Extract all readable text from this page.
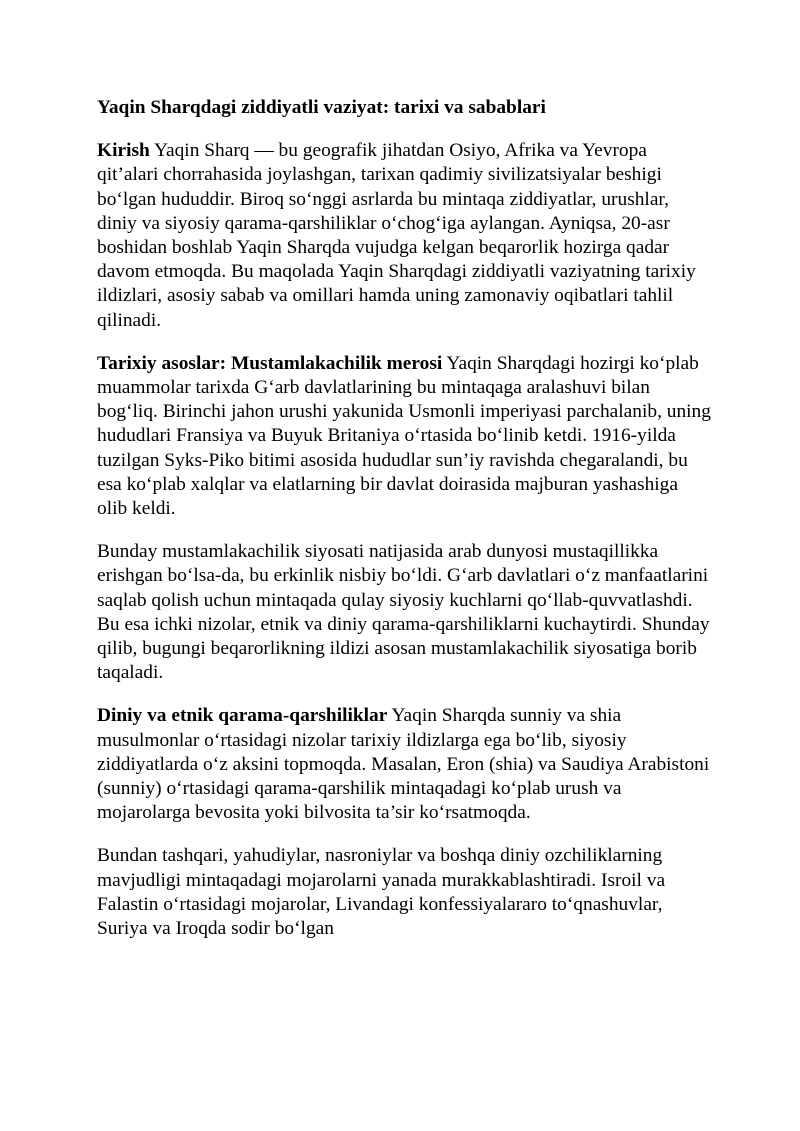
Yaqin Sharqdagi ziddiyatli vaziyat: tarixi va sabablari

Kirish Yaqin Sharq — bu geografik jihatdan Osiyo, Afrika va Yevropa qit’alari chorrahasida joylashgan, tarixan qadimiy sivilizatsiyalar beshigi bo‘lgan hududdir. Biroq so‘nggi asrlarda bu mintaqa ziddiyatlar, urushlar, diniy va siyosiy qarama-qarshiliklar o‘chog‘iga aylangan. Ayniqsa, 20-asr boshidan boshlab Yaqin Sharqda vujudga kelgan beqarorlik hozirga qadar davom etmoqda. Bu maqolada Yaqin Sharqdagi ziddiyatli vaziyatning tarixiy ildizlari, asosiy sabab va omillari hamda uning zamonaviy oqibatlari tahlil qilinadi.

Tarixiy asoslar: Mustamlakachilik merosi Yaqin Sharqdagi hozirgi ko‘plab muammolar tarixda G‘arb davlatlarining bu mintaqaga aralashuvi bilan bog‘liq. Birinchi jahon urushi yakunida Usmonli imperiyasi parchalanib, uning hududlari Fransiya va Buyuk Britaniya o‘rtasida bo‘linib ketdi. 1916-yilda tuzilgan Syks-Piko bitimi asosida hududlar sun’iy ravishda chegaralandi, bu esa ko‘plab xalqlar va elatlarning bir davlat doirasida majburan yashashiga olib keldi.

Bunday mustamlakachilik siyosati natijasida arab dunyosi mustaqillikka erishgan bo‘lsa-da, bu erkinlik nisbiy bo‘ldi. G‘arb davlatlari o‘z manfaatlarini saqlab qolish uchun mintaqada qulay siyosiy kuchlarni qo‘llab-quvvatlashdi. Bu esa ichki nizolar, etnik va diniy qarama-qarshiliklarni kuchaytirdi. Shunday qilib, bugungi beqarorlikning ildizi asosan mustamlakachilik siyosatiga borib taqaladi.

Diniy va etnik qarama-qarshiliklar Yaqin Sharqda sunniy va shia musulmonlar o‘rtasidagi nizolar tarixiy ildizlarga ega bo‘lib, siyosiy ziddiyatlarda o‘z aksini topmoqda. Masalan, Eron (shia) va Saudiya Arabistoni (sunniy) o‘rtasidagi qarama-qarshilik mintaqadagi ko‘plab urush va mojarolarga bevosita yoki bilvosita ta’sir ko‘rsatmoqda.

Bundan tashqari, yahudiylar, nasroniylar va boshqa diniy ozchiliklarning mavjudligi mintaqadagi mojarolarni yanada murakkablashtiradi. Isroil va Falastin o‘rtasidagi mojarolar, Livandagi konfessiyalararo to‘qnashuvlar, Suriya va Iroqda sodir bo‘lgan
